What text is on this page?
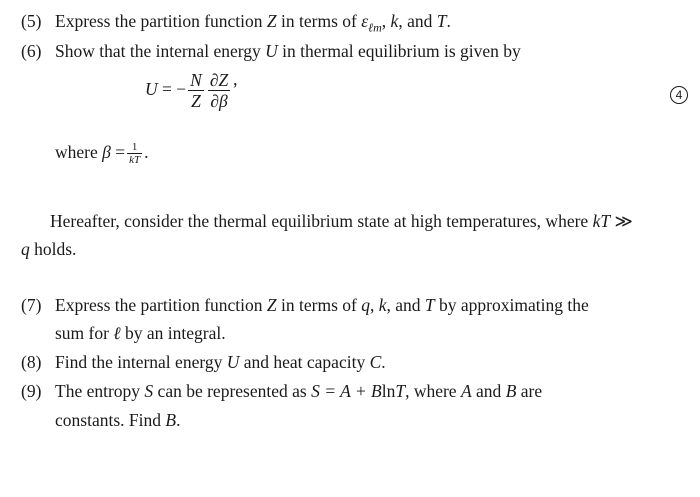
(5) Express the partition function Z in terms of $\varepsilon_{\ell m}$, k, and T.
(6) Show that the internal energy U in thermal equilibrium is given by
U = − $\frac{N}{Z} \frac{\partial Z}{\partial\beta}$ ’	4
where $\beta = \frac{1}{kT}$ .
Hereafter, consider the thermal equilibrium state at high temperatures, where kT ≫
q holds.
(7) Express the partition function Z in terms of q, k, and T by approximating the
sum for ℓ by an integral.
(8) Find the internal energy U and heat capacity C.
(9) The entropy S can be represented as S = A + BlnT, where A and B are
constants. Find B.
